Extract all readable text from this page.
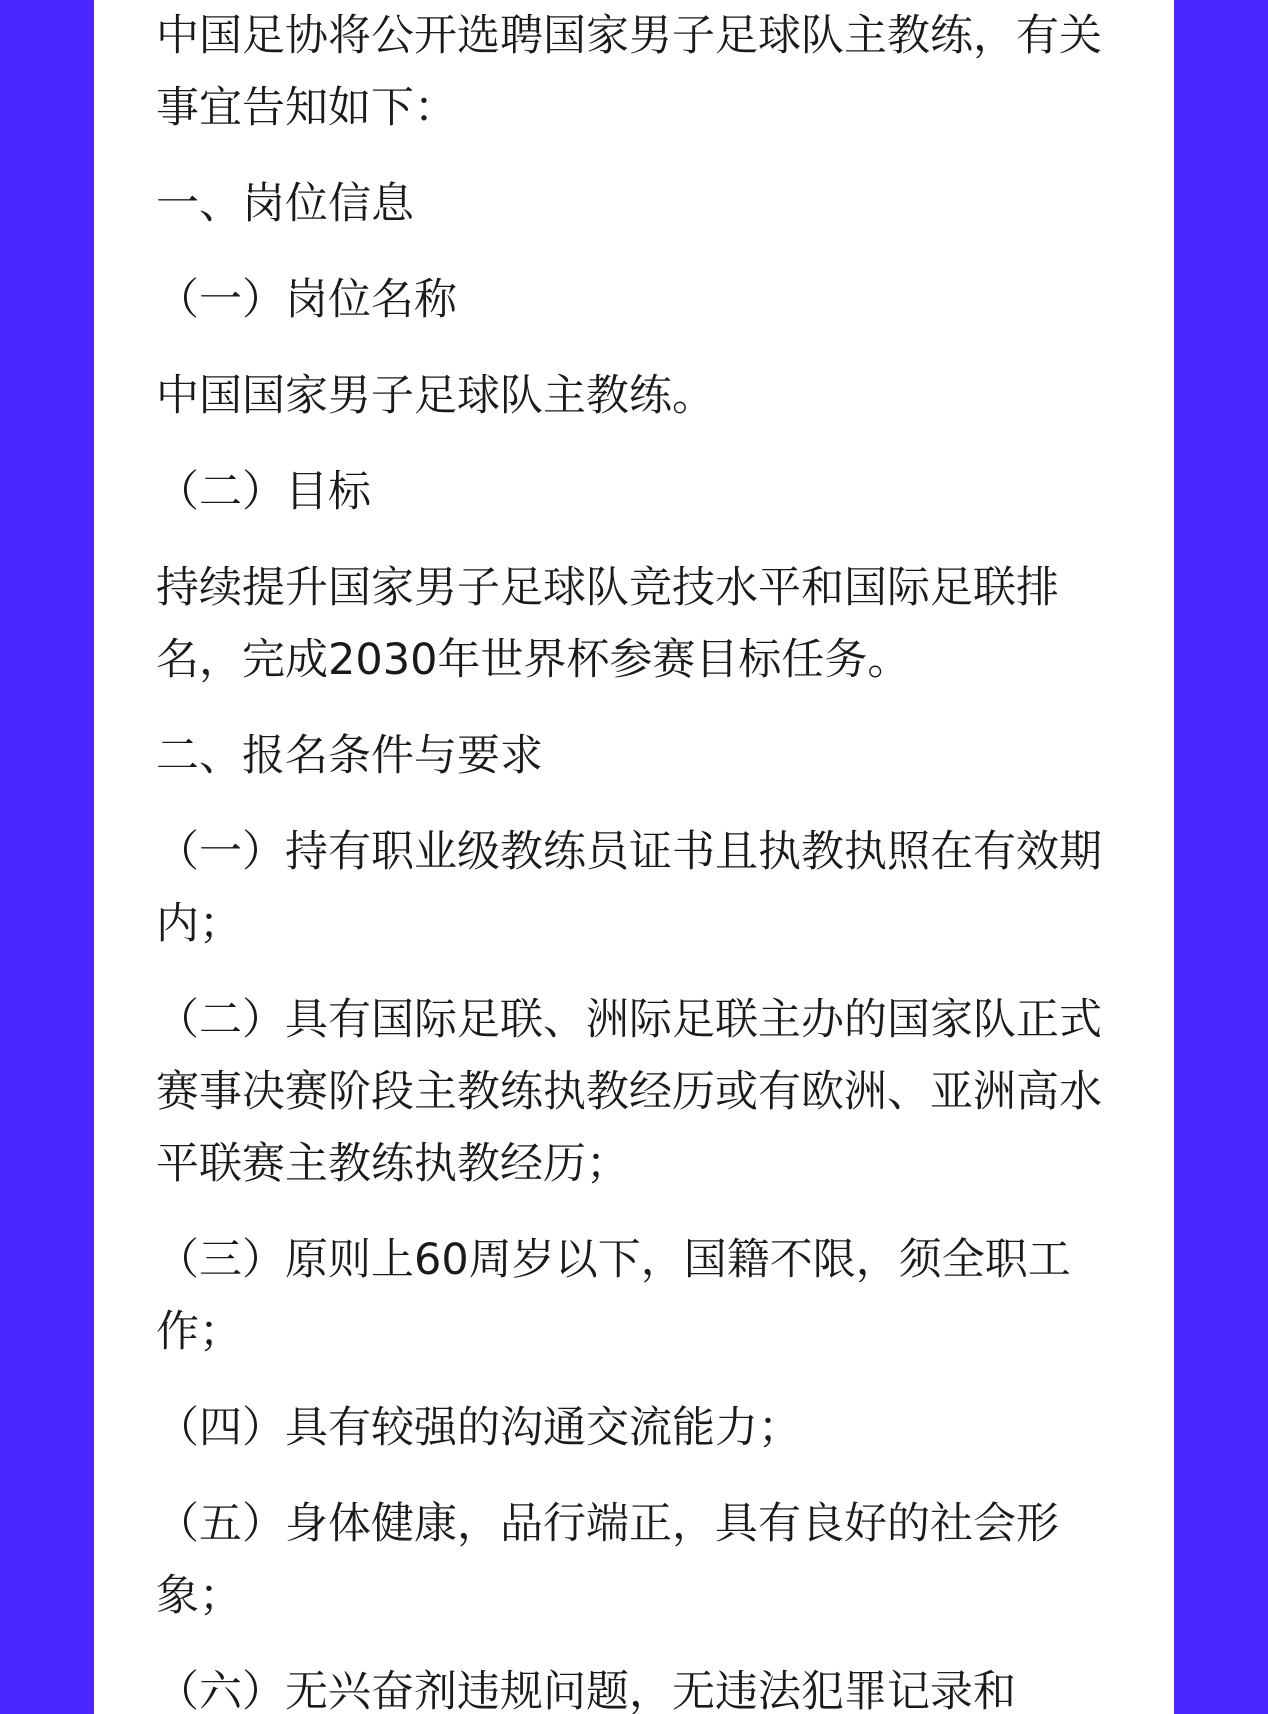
中国足协将公开选聘国家男子足球队主教练，有关事宜告知如下：

一、岗位信息

（一）岗位名称

中国国家男子足球队主教练。

（二）目标

持续提升国家男子足球队竞技水平和国际足联排名，完成2030年世界杯参赛目标任务。

二、报名条件与要求

（一）持有职业级教练员证书且执教执照在有效期内；

（二）具有国际足联、洲际足联主办的国家队正式赛事决赛阶段主教练执教经历或有欧洲、亚洲高水平联赛主教练执教经历；

（三）原则上60周岁以下，国籍不限，须全职工作；

（四）具有较强的沟通交流能力；

（五）身体健康，品行端正，具有良好的社会形象；

（六）无兴奋剂违规问题，无违法犯罪记录和
